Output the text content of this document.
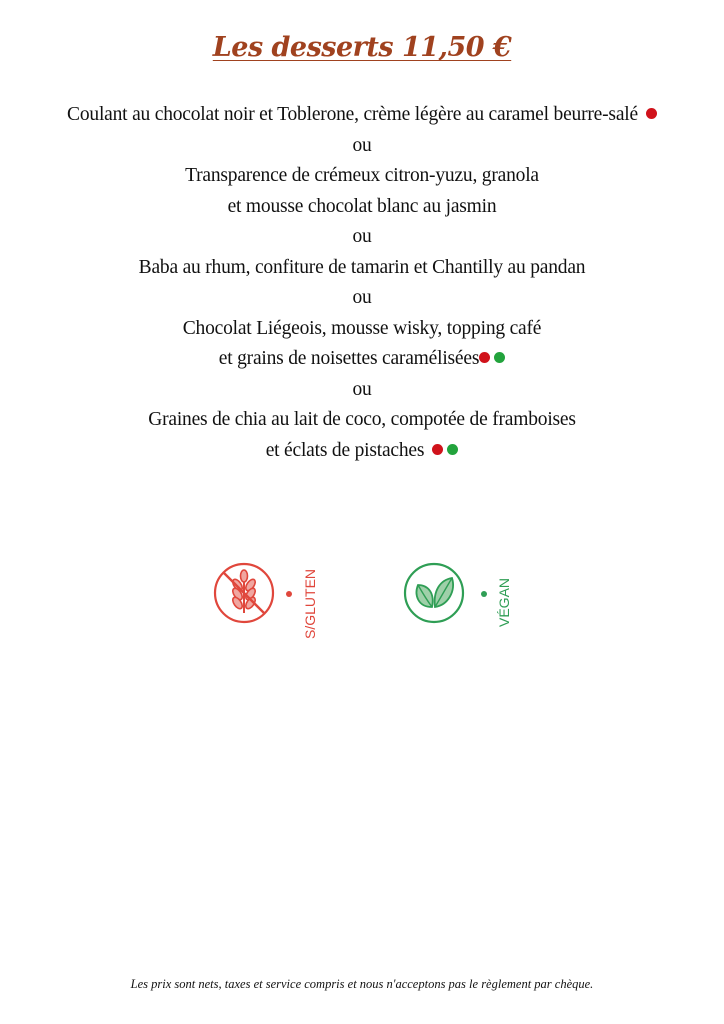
Les desserts 11,50 €
Coulant au chocolat noir et Toblerone, crème légère au caramel beurre-salé
ou
Transparence de crémeux citron-yuzu, granola
et mousse chocolat blanc au jasmin
ou
Baba au rhum, confiture de tamarin et Chantilly au pandan
ou
Chocolat Liégeois, mousse wisky, topping café
et grains de noisettes caramélisées
ou
Graines de chia au lait de coco, compotée de framboises
et éclats de pistaches
S/GLUTEN	VÉGAN
Les prix sont nets, taxes et service compris et nous n'acceptons pas le règlement par chèque.
